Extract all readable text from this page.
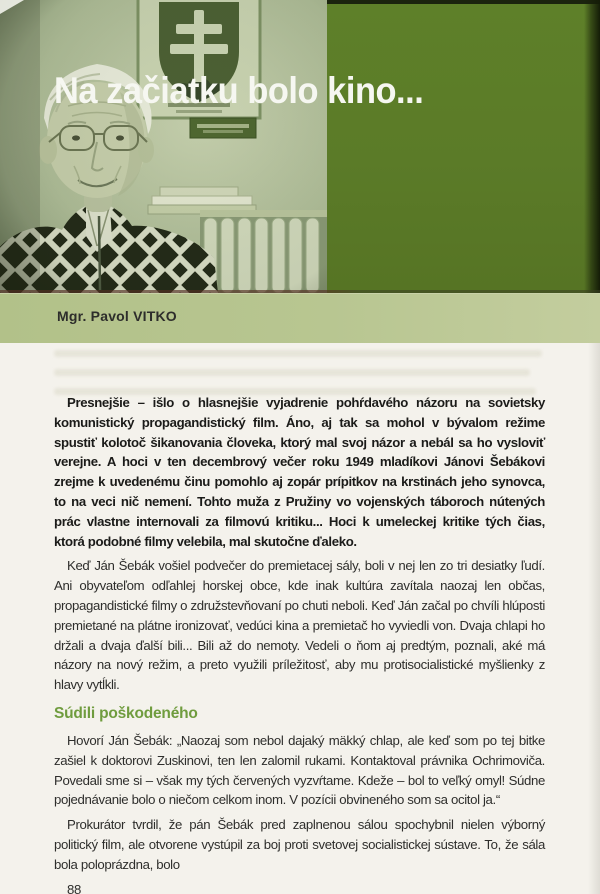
Na začiatku bolo kino...

Mgr. Pavol VITKO

Presnejšie – išlo o hlasnejšie vyjadrenie pohŕdavého názoru na sovietsky komunistický propagandistický film. Áno, aj tak sa mohol v bývalom režime spustiť kolotoč šikanovania človeka, ktorý mal svoj názor a nebál sa ho vysloviť verejne. A hoci v ten decembrový večer roku 1949 mladíkovi Jánovi Šebákovi zrejme k uvedenému činu pomohlo aj zopár prípitkov na krstinách jeho synovca, to na veci nič nemení. Tohto muža z Pružiny vo vojenských táboroch nútených prác vlastne internovali za filmovú kritiku... Hoci k umeleckej kritike tých čias, ktorá podobné filmy velebila, mal skutočne ďaleko.

Keď Ján Šebák vošiel podvečer do premietacej sály, boli v nej len zo tri desiatky ľudí. Ani obyvateľom odľahlej horskej obce, kde inak kultúra zavítala naozaj len občas, propagandistické filmy o združstevňovaní po chuti neboli. Keď Ján začal po chvíli hlúposti premietané na plátne ironizovať, vedúci kina a premietač ho vyviedli von. Dvaja chlapi ho držali a dvaja ďalší bili... Bili až do nemoty. Vedeli o ňom aj predtým, poznali, aké má názory na nový režim, a preto využili príležitosť, aby mu protisocialistické myšlienky z hlavy vytĺkli.

Súdili poškodeného

Hovorí Ján Šebák: „Naozaj som nebol dajaký mäkký chlap, ale keď som po tej bitke zašiel k doktorovi Zuskinovi, ten len zalomil rukami. Kontaktoval právnika Ochrimoviča. Povedali sme si – však my tých červených vyzvŕtame. Kdeže – bol to veľký omyl! Súdne pojednávanie bolo o niečom celkom inom. V pozícii obvineného som sa ocitol ja.“

Prokurátor tvrdil, že pán Šebák pred zaplnenou sálou spochybnil nielen výborný politický film, ale otvorene vystúpil za boj proti svetovej socialistickej sústave. To, že sála bola poloprázdna, bolo

88
